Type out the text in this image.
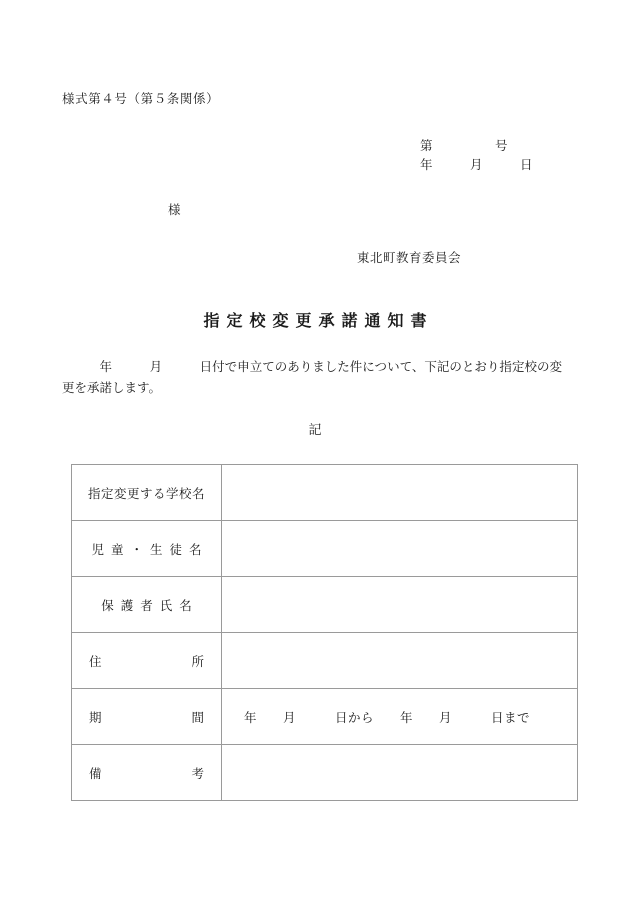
様式第４号（第５条関係）
第　　　　　号
年　　　月　　　日
様
東北町教育委員会
指定校変更承諾通知書
　　　年　　　月　　　日付で申立てのありました件について、下記のとおり指定校の変更を承諾します。
記
指定変更する学校名	

児童・生徒名	

保護者氏名	

住 所	

期 間	年　　月　　　日から　　年　　月　　　日まで

備 考	
